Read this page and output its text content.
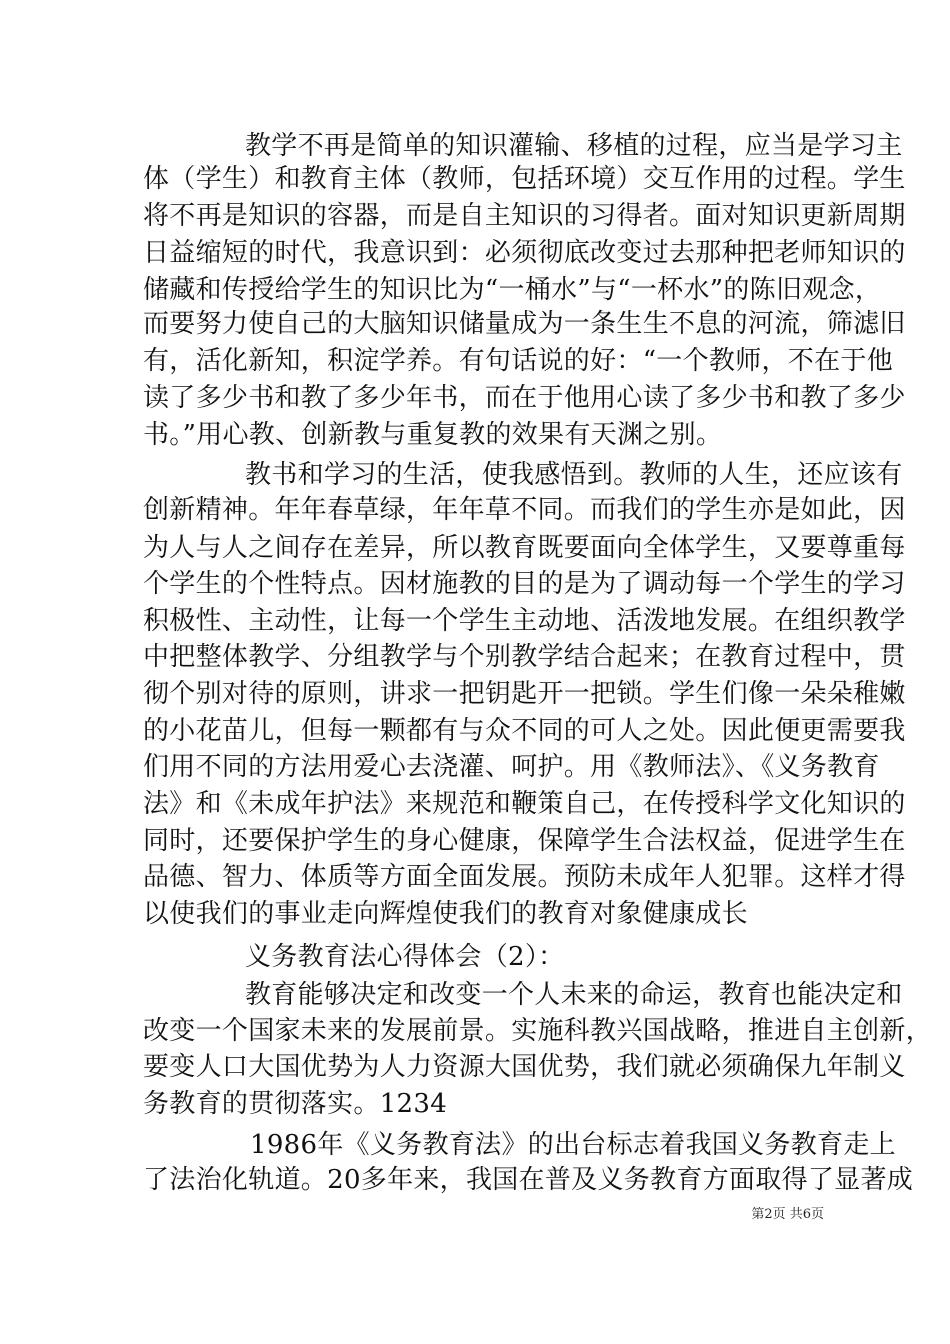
教学不再是简单的知识灌输、移植的过程，应当是学习主
体（学生）和教育主体（教师，包括环境）交互作用的过程。学生
将不再是知识的容器，而是自主知识的习得者。面对知识更新周期
日益缩短的时代，我意识到：必须彻底改变过去那种把老师知识的
储藏和传授给学生的知识比为“一桶水”与“一杯水”的陈旧观念，
而要努力使自己的大脑知识储量成为一条生生不息的河流，筛滤旧
有，活化新知，积淀学养。有句话说的好：“一个教师，不在于他
读了多少书和教了多少年书，而在于他用心读了多少书和教了多少
书。”用心教、创新教与重复教的效果有天渊之别。
教书和学习的生活，使我感悟到。教师的人生，还应该有
创新精神。年年春草绿，年年草不同。而我们的学生亦是如此，因
为人与人之间存在差异，所以教育既要面向全体学生，又要尊重每
个学生的个性特点。因材施教的目的是为了调动每一个学生的学习
积极性、主动性，让每一个学生主动地、活泼地发展。在组织教学
中把整体教学、分组教学与个别教学结合起来；在教育过程中，贯
彻个别对待的原则，讲求一把钥匙开一把锁。学生们像一朵朵稚嫩
的小花苗儿，但每一颗都有与众不同的可人之处。因此便更需要我
们用不同的方法用爱心去浇灌、呵护。用《教师法》、《义务教育
法》和《未成年护法》来规范和鞭策自己，在传授科学文化知识的
同时，还要保护学生的身心健康，保障学生合法权益，促进学生在
品德、智力、体质等方面全面发展。预防未成年人犯罪。这样才得
以使我们的事业走向辉煌使我们的教育对象健康成长
义务教育法心得体会（2）：
教育能够决定和改变一个人未来的命运，教育也能决定和
改变一个国家未来的发展前景。实施科教兴国战略，推进自主创新，
要变人口大国优势为人力资源大国优势，我们就必须确保九年制义
务教育的贯彻落实。1234
1986年《义务教育法》的出台标志着我国义务教育走上
了法治化轨道。20多年来，我国在普及义务教育方面取得了显著成
第2页 共6页
